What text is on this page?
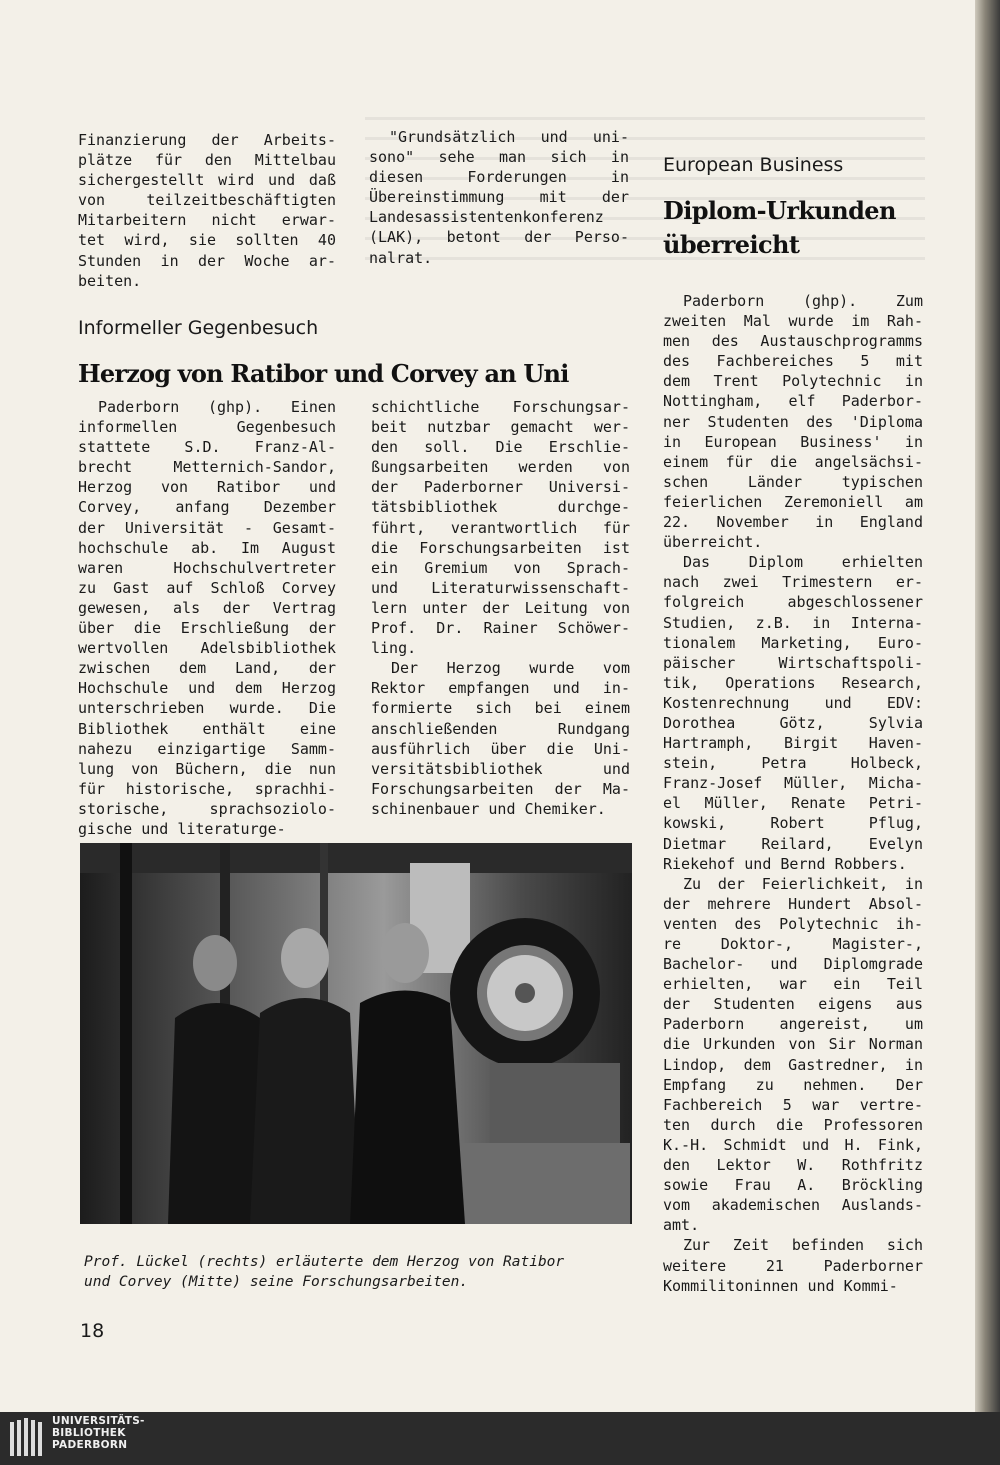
Finanzierung der Arbeits-

plätze für den Mittelbau

sichergestellt wird und daß

von teilzeitbeschäftigten

Mitarbeitern nicht erwar-

tet wird, sie sollten 40

Stunden in der Woche ar-

beiten.

"Grundsätzlich und uni-

sono" sehe man sich in

diesen Forderungen in

Übereinstimmung mit der

Landesassistentenkonferenz

(LAK), betont der Perso-

nalrat.

Informeller Gegenbesuch
Herzog von Ratibor und Corvey an Uni

Paderborn (ghp). Einen

informellen Gegenbesuch

stattete S.D. Franz-Al-

brecht Metternich-Sandor,

Herzog von Ratibor und

Corvey, anfang Dezember

der Universität - Gesamt-

hochschule ab. Im August

waren Hochschulvertreter

zu Gast auf Schloß Corvey

gewesen, als der Vertrag

über die Erschließung der

wertvollen Adelsbibliothek

zwischen dem Land, der

Hochschule und dem Herzog

unterschrieben wurde. Die

Bibliothek enthält eine

nahezu einzigartige Samm-

lung von Büchern, die nun

für historische, sprachhi-

storische, sprachsoziolo-

gische und literaturge-

schichtliche Forschungsar-

beit nutzbar gemacht wer-

den soll. Die Erschlie-

ßungsarbeiten werden von

der Paderborner Universi-

tätsbibliothek durchge-

führt, verantwortlich für

die Forschungsarbeiten ist

ein Gremium von Sprach-

und Literaturwissenschaft-

lern unter der Leitung von

Prof. Dr. Rainer Schöwer-

ling.

Der Herzog wurde vom

Rektor empfangen und in-

formierte sich bei einem

anschließenden Rundgang

ausführlich über die Uni-

versitätsbibliothek und

Forschungsarbeiten der Ma-

schinenbauer und Chemiker.

Prof. Lückel (rechts) erläuterte dem Herzog von Ratibor
und Corvey (Mitte) seine Forschungsarbeiten.
European Business
Diplom-Urkunden
überreicht

Paderborn (ghp). Zum

zweiten Mal wurde im Rah-

men des Austauschprogramms

des Fachbereiches 5 mit

dem Trent Polytechnic in

Nottingham, elf Paderbor-

ner Studenten des 'Diploma

in European Business' in

einem für die angelsächsi-

schen Länder typischen

feierlichen Zeremoniell am

22. November in England

überreicht.

Das Diplom erhielten

nach zwei Trimestern er-

folgreich abgeschlossener

Studien, z.B. in Interna-

tionalem Marketing, Euro-

päischer Wirtschaftspoli-

tik, Operations Research,

Kostenrechnung und EDV:

Dorothea Götz, Sylvia

Hartramph, Birgit Haven-

stein, Petra Holbeck,

Franz-Josef Müller, Micha-

el Müller, Renate Petri-

kowski, Robert Pflug,

Dietmar Reilard, Evelyn

Riekehof und Bernd Robbers.

Zu der Feierlichkeit, in

der mehrere Hundert Absol-

venten des Polytechnic ih-

re Doktor-, Magister-,

Bachelor- und Diplomgrade

erhielten, war ein Teil

der Studenten eigens aus

Paderborn angereist, um

die Urkunden von Sir Norman

Lindop, dem Gastredner, in

Empfang zu nehmen. Der

Fachbereich 5 war vertre-

ten durch die Professoren

K.-H. Schmidt und H. Fink,

den Lektor W. Rothfritz

sowie Frau A. Bröckling

vom akademischen Auslands-

amt.

Zur Zeit befinden sich

weitere 21 Paderborner

Kommilitoninnen und Kommi-

18
UNIVERSITÄTS-
BIBLIOTHEK
PADERBORN
